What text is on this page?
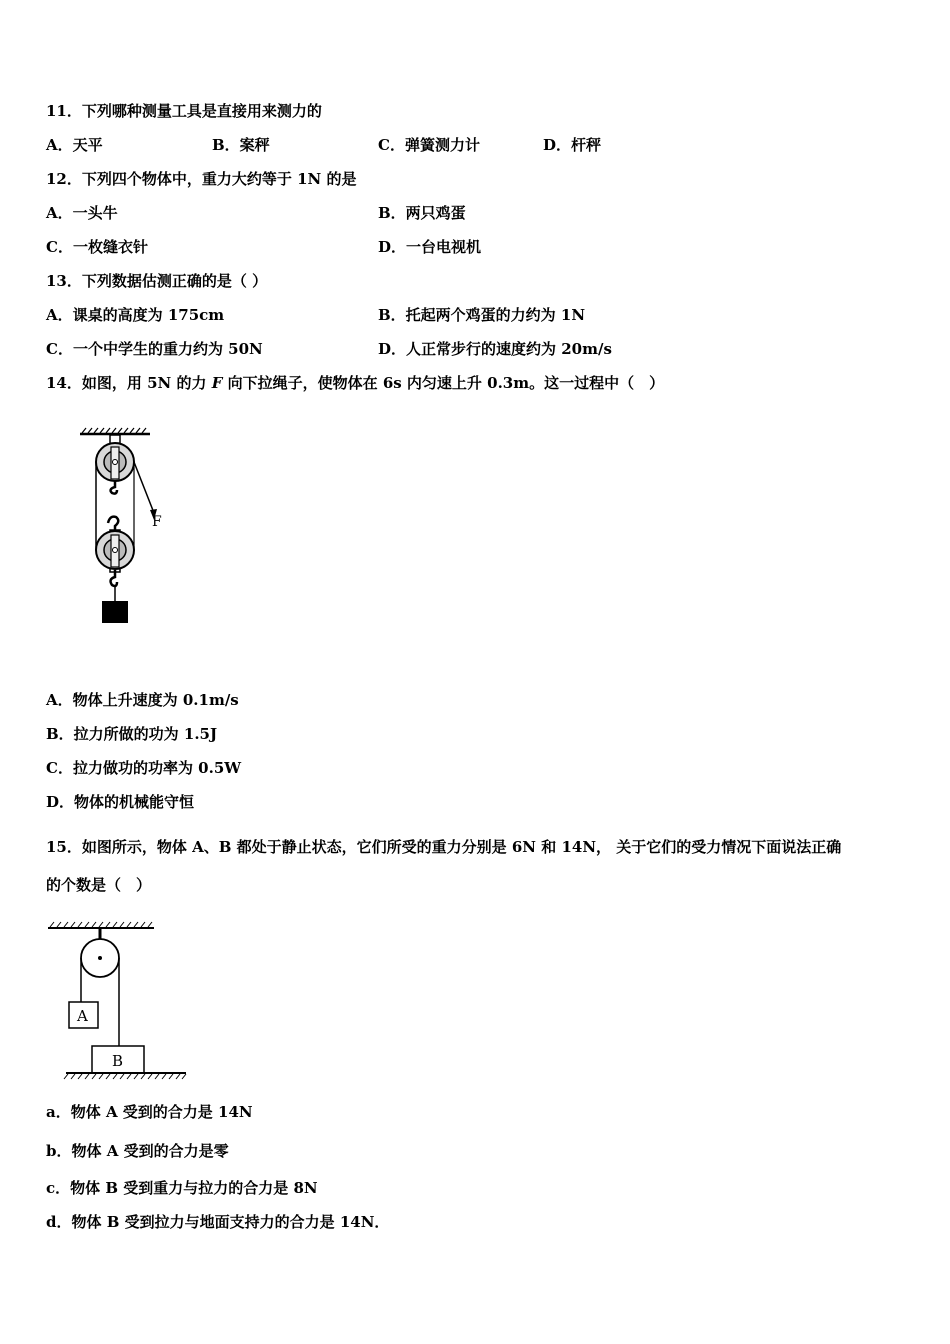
11．下列哪种测量工具是直接用来测力的
A．天平	B．案秤	C．弹簧测力计	D．杆秤
12．下列四个物体中，重力大约等于 1N 的是
A．一头牛	B．两只鸡蛋
C．一枚缝衣针	D．一台电视机
13．下列数据估测正确的是（ ）
A．课桌的高度为 175cm	B．托起两个鸡蛋的力约为 1N
C．一个中学生的重力约为 50N	D．人正常步行的速度约为 20m/s
14．如图，用 5N 的力 F 向下拉绳子，使物体在 6s 内匀速上升 0.3m。这一过程中（　）
F
A．物体上升速度为 0.1m/s
B．拉力所做的功为 1.5J
C．拉力做功的功率为 0.5W
D．物体的机械能守恒
15．如图所示，物体 A、B 都处于静止状态，它们所受的重力分别是 6N 和 14N， 关于它们的受力情况下面说法正确
的个数是（　）
A
B
a．物体 A 受到的合力是 14N
b．物体 A 受到的合力是零
c．物体 B 受到重力与拉力的合力是 8N
d．物体 B 受到拉力与地面支持力的合力是 14N．
